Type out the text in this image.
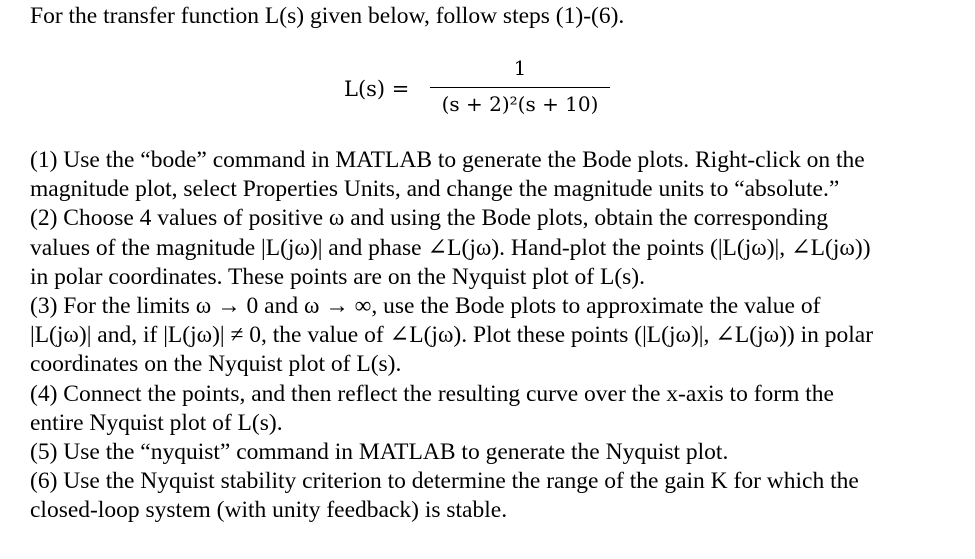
For the transfer function L(s) given below, follow steps (1)-(6).
L(s) =
1
(s + 2)²(s + 10)
(1) Use the “bode” command in MATLAB to generate the Bode plots. Right-click on the
magnitude plot, select Properties Units, and change the magnitude units to “absolute.”
(2) Choose 4 values of positive ω and using the Bode plots, obtain the corresponding
values of the magnitude |L(jω)| and phase ∠L(jω). Hand-plot the points (|L(jω)|, ∠L(jω))
in polar coordinates. These points are on the Nyquist plot of L(s).
(3) For the limits ω → 0 and ω → ∞, use the Bode plots to approximate the value of
|L(jω)| and, if |L(jω)| ≠ 0, the value of ∠L(jω). Plot these points (|L(jω)|, ∠L(jω)) in polar
coordinates on the Nyquist plot of L(s).
(4) Connect the points, and then reflect the resulting curve over the x-axis to form the
entire Nyquist plot of L(s).
(5) Use the “nyquist” command in MATLAB to generate the Nyquist plot.
(6) Use the Nyquist stability criterion to determine the range of the gain K for which the
closed-loop system (with unity feedback) is stable.
